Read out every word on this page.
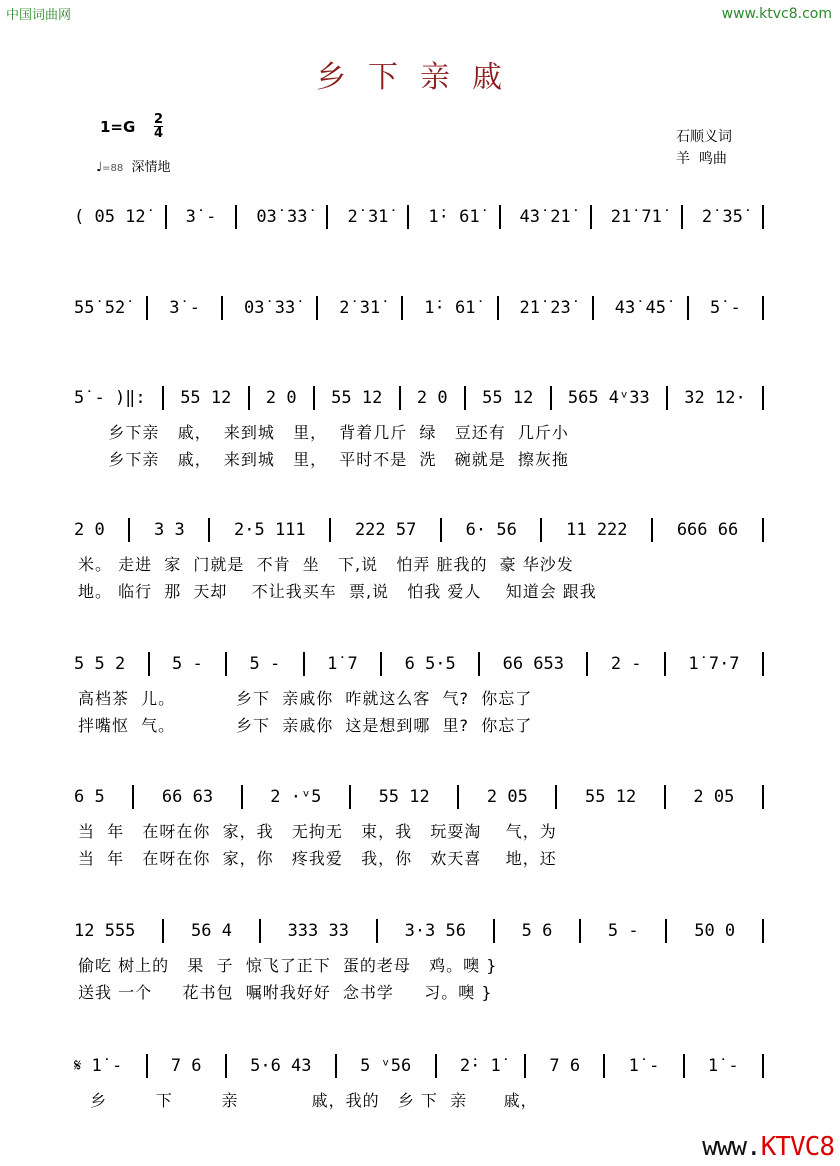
中国词曲网	www.ktvc8.com
乡下亲戚
$1=G \frac{2}{4}$
♩=88 深情地
石顺义词
羊  鸣曲
( 05 1̇2̇ 3̇ - 03̇ 3̇3̇ 2̇ 3̇1̇ 1̇· 61̇ 4̇3̇ 2̇1̇ 2̇1̇ 71̇ 2̇ 3̇5̇
5̇5̇ 5̇2̇	3̇ -	03̇ 3̇3̇	2̇ 3̇1̇	1̇· 61̇	2̇1̇ 2̇3̇	4̇3̇ 4̇5̇	5̇ -
5̇ - )‖: 55 12 2 0 55 12 2 0 55 12 565 4ᵛ33 32 12·
乡下亲   戚，  来到城   里，  背着几斤  绿   豆还有  几斤小
乡下亲   戚，  来到城   里，  平时不是  洗   碗就是  擦灰拖
2 0	3 3	2·5 111	222 57	6· 56	11 222	666 66
米。 走进  家  门就是  不肯  坐   下,说   怕弄 脏我的  豪 华沙发
地。 临行  那  天却    不让我买车  票,说   怕我 爱人    知道会 跟我
5 5 2	5 -	5 -	1̇ 7	6 5·5	66 653	2 -	1̇ 7·7
高档茶  儿。          乡下  亲戚你  咋就这么客  气?  你忘了
拌嘴怄  气。          乡下  亲戚你  这是想到哪  里?  你忘了
6 5	66 63	2 ·ᵛ5	55 12	2 05	55 12	2 05
当  年   在呀在你  家，我   无拘无   束，我   玩耍淘    气，为
当  年   在呀在你  家，你   疼我爱   我，你   欢天喜    地，还
12 555	56 4	333 33	3·3 56	5 6	5 -	50 0
偷吃 树上的   果  子  惊飞了正下  蛋的老母   鸡。噢 }
送我 一个     花书包  嘱咐我好好  念书学     习。噢 }
𝄋 1̇ -	7 6	5·6 43	5 ᵛ56	2̇· 1̇	7 6	1̇ -	1̇ -
乡        下        亲            戚，我的   乡 下  亲      戚，
www.KTVC8
